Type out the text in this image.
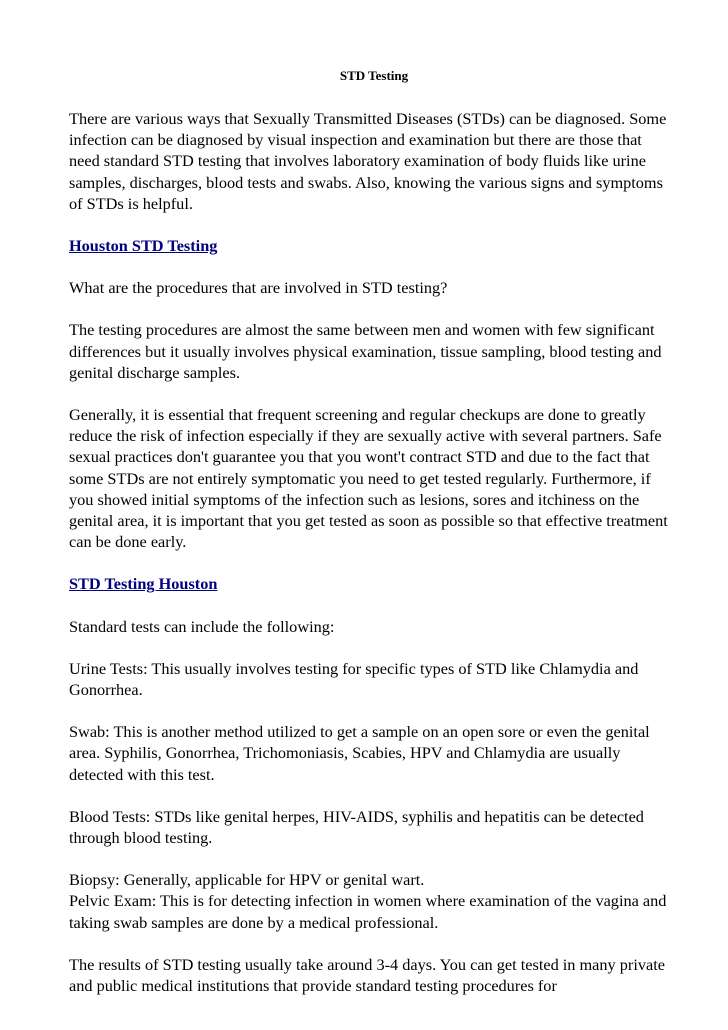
STD Testing

There are various ways that Sexually Transmitted Diseases (STDs) can be diagnosed. Some infection can be diagnosed by visual inspection and examination but there are those that need standard STD testing that involves laboratory examination of body fluids like urine samples, discharges, blood tests and swabs. Also, knowing the various signs and symptoms of STDs is helpful.

Houston STD Testing

What are the procedures that are involved in STD testing?

The testing procedures are almost the same between men and women with few significant differences but it usually involves physical examination, tissue sampling, blood testing and genital discharge samples.

Generally, it is essential that frequent screening and regular checkups are done to greatly reduce the risk of infection especially if they are sexually active with several partners. Safe sexual practices don't guarantee you that you wont't contract STD and due to the fact that some STDs are not entirely symptomatic you need to get tested regularly. Furthermore, if you showed initial symptoms of the infection such as lesions, sores and itchiness on the genital area, it is important that you get tested as soon as possible so that effective treatment can be done early.

STD Testing Houston

Standard tests can include the following:

Urine Tests: This usually involves testing for specific types of STD like Chlamydia and Gonorrhea.

Swab: This is another method utilized to get a sample on an open sore or even the genital area. Syphilis, Gonorrhea, Trichomoniasis, Scabies, HPV and Chlamydia are usually detected with this test.

Blood Tests: STDs like genital herpes, HIV-AIDS, syphilis and hepatitis can be detected through blood testing.

Biopsy: Generally, applicable for HPV or genital wart.

Pelvic Exam: This is for detecting infection in women where examination of the vagina and taking swab samples are done by a medical professional.

The results of STD testing usually take around 3-4 days. You can get tested in many private and public medical institutions that provide standard testing procedures for
